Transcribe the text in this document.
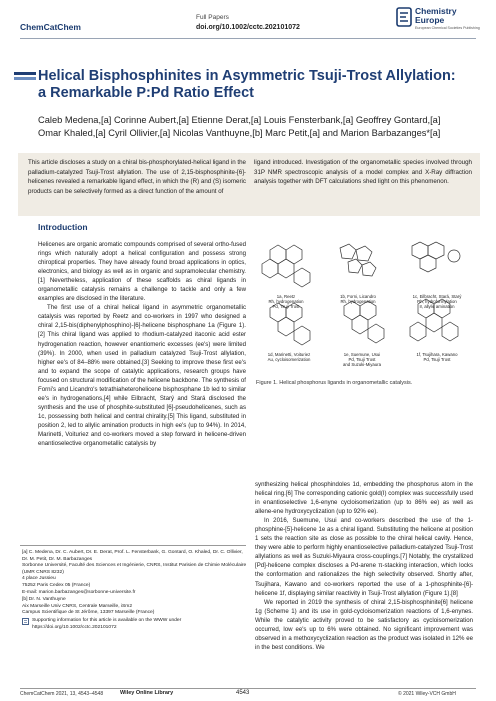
ChemCatChem
Full Papers
doi.org/10.1002/cctc.202101072
Chemistry Europe
European Chemical Societies Publishing
Helical Bisphosphinites in Asymmetric Tsuji-Trost Allylation: a Remarkable P:Pd Ratio Effect
Caleb Medena,[a] Corinne Aubert,[a] Etienne Derat,[a] Louis Fensterbank,[a] Geoffrey Gontard,[a]
Omar Khaled,[a] Cyril Ollivier,[a] Nicolas Vanthuyne,[b] Marc Petit,[a] and Marion Barbazanges*[a]
This article discloses a study on a chiral bis-phosphorylated-helical ligand in the palladium-catalyzed Tsuji-Trost allylation. The use of 2,15-bisphosphinite-[6]-helicenes revealed a remarkable ligand effect, in which the (R) and (S) isomeric products can be selectively formed as a direct function of the amount of
ligand introduced. Investigation of the organometallic species involved through 31P NMR spectroscopic analysis of a model complex and X-Ray diffraction analysis together with DFT calculations shed light on this phenomenon.
Introduction

Helicenes are organic aromatic compounds comprised of several ortho-fused rings which naturally adopt a helical configuration and possess strong chiroptical properties. They have already found broad applications in optics, electronics, and biology as well as in organic and supramolecular chemistry.[1] Nevertheless, application of these scaffolds as chiral ligands in organometallic catalysis remains a challenge to tackle and only a few examples are disclosed in the literature.

The first use of a chiral helical ligand in asymmetric organometallic catalysis was reported by Reetz and co-workers in 1997 who designed a chiral 2,15-bis(diphenylphosphino)-[6]-helicene bisphosphane 1a (Figure 1).[2] This chiral ligand was applied to rhodium-catalyzed itaconic acid ester hydrogenation reaction, however enantiomeric excesses (ee's) were limited (39%). In 2000, when used in palladium catalyzed Tsuji-Trost allylation, higher ee's of 84–88% were obtained.[3] Seeking to improve these first ee's and to expand the scope of catalytic applications, research groups have focused on structural modification of the helicene backbone. The synthesis of Forni's and Licandro's tetrathiaheterohelicene bisphosphane 1b led to similar ee's in hydrogenations,[4] while Eilbracht, Starý and Stará disclosed the synthesis and the use of phosphite-substituted [6]-pseudohelicenes, such as 1c, possessing both helical and central chirality.[5] This ligand, substituted in position 2, led to allylic amination products in high ee's (up to 94%). In 2014, Marinetti, Voituriez and co-workers moved a step forward in helicene-driven enantioselective organometallic catalysis by

1a, Reetz
Rh, hydrogenation
Pd, Tsuji Trost
1b, Forni, Licandro
Rh, hydrogenation
1c, Eilbracht, Stará, Starý
Rh, hydroformylation
Ir, allylic amination
1d, Marinetti, Voituriez
Au, cycloisomerization
1e, Suemune, Usui
Pd, Tsuji Trost
and Suzuki-Miyaura
1f, Tsujihara, Kawano
Pd, Tsuji Trost
Figure 1. Helical phosphorus ligands in organometallic catalysis.

synthesizing helical phosphindoles 1d, embedding the phosphorus atom in the helical ring.[6] The corresponding cationic gold(I) complex was successfully used in enantioselective 1,6-enyne cycloisomerization (up to 86% ee) as well as allene-ene hydroxycyclization (up to 92% ee).

In 2016, Suemune, Usui and co-workers described the use of the 1-phosphine-[5]-helicene 1e as a chiral ligand. Substituting the helicene at position 1 sets the reaction site as close as possible to the chiral helical cavity. Hence, they were able to perform highly enantioselective palladium-catalyzed Tsuji-Trost allylations as well as Suzuki-Miyaura cross-couplings.[7] Notably, the crystallized [Pd]-helicene complex discloses a Pd-arene π-stacking interaction, which locks the conformation and rationalizes the high selectivity observed. Shortly after, Tsujihara, Kawano and co-workers reported the use of a 1-phosphinite-[6]-helicene 1f, displaying similar reactivity in Tsuji-Trost allylation (Figure 1).[8]

We reported in 2019 the synthesis of chiral 2,15-bisphosphinite[6] helicene 1g (Scheme 1) and its use in gold-cycloisomerization reactions of 1,6-enynes. While the catalytic activity proved to be satisfactory as cycloisomerization occurred, low ee's up to 6% were obtained. No significant improvement was observed in a methoxycyclization reaction as the product was isolated in 12% ee in the best conditions. We

[a] C. Medena, Dr. C. Aubert, Dr. E. Derat, Prof. L. Fensterbank, G. Gontard, O. Khaled, Dr. C. Ollivier, Dr. M. Petit, Dr. M. Barbazanges
Sorbonne Université, Faculté des Sciences et Ingénierie, CNRS, Institut Parisien de Chimie Moléculaire (UMR CNRS 8232)
4 place Jussieu
75252 Paris Cedex 05 (France)
E-mail: marion.barbazanges@sorbonne-universite.fr
[b] Dr. N. Vanthuyne
Aix Marseille Univ CNRS, Centrale Marseille, iSm2
Campus Scientifique de St Jérôme, 13397 Marseille (France)
Supporting information for this article is available on the WWW under https://doi.org/10.1002/cctc.202101072
ChemCatChem 2021, 13, 4543–4548	Wiley Online Library	4543	© 2021 Wiley-VCH GmbH
